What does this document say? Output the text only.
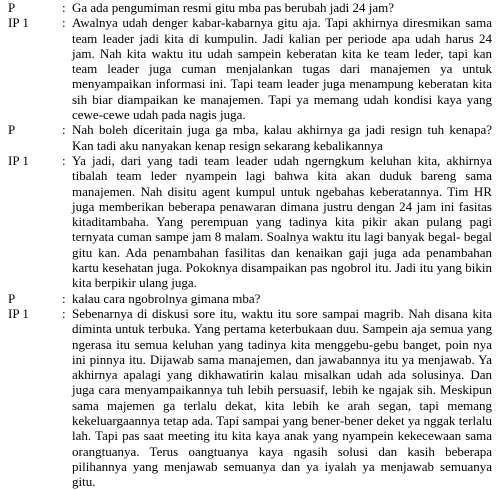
P	: Ga ada pengumiman resmi gitu mba pas berubah jadi 24 jam?
IP 1	: Awalnya udah denger kabar-kabarnya gitu aja. Tapi akhirnya diresmikan sama team leader jadi kita di kumpulin. Jadi kalian per periode apa udah harus 24 jam. Nah kita waktu itu udah sampein keberatan kita ke team leder, tapi kan team leader juga cuman menjalankan tugas dari manajemen ya untuk menyampaikan informasi ini. Tapi team leader juga menampung keberatan kita sih biar diampaikan ke manajemen. Tapi ya memang udah kondisi kaya yang cewe-cewe udah pada nagis juga.
P	: Nah boleh diceritain juga ga mba, kalau akhirnya ga jadi resign tuh kenapa? Kan tadi aku nanyakan kenap resign sekarang kebalikannya
IP 1	: Ya jadi, dari yang tadi team leader udah ngerngkum keluhan kita, akhirnya tibalah team leder nyampein lagi bahwa kita akan duduk bareng sama manajemen. Nah disitu agent kumpul untuk ngebahas keberatannya. Tim HR juga memberikan beberapa penawaran dimana justru dengan 24 jam ini fasitas kitaditambaha. Yang perempuan yang tadinya kita pikir akan pulang pagi ternyata cuman sampe jam 8 malam. Soalnya waktu itu lagi banyak begal- begal gitu kan. Ada penambahan fasilitas dan kenaikan gaji juga ada penambahan kartu kesehatan juga. Pokoknya disampaikan pas ngobrol itu. Jadi itu yang bikin kita berpikir ulang juga.
P	: kalau cara ngobrolnya gimana mba?
IP 1	: Sebenarnya di diskusi sore itu, waktu itu sore sampai magrib. Nah disana kita diminta untuk terbuka. Yang pertama keterbukaan duu. Sampein aja semua yang ngerasa itu semua keluhan yang tadinya kita menggebu-gebu banget, poin nya ini pinnya itu. Dijawab sama manajemen, dan jawabannya itu ya menjawab. Ya akhirnya apalagi yang dikhawatirin kalau misalkan udah ada solusinya. Dan juga cara menyampaikannya tuh lebih persuasif, lebih ke ngajak sih. Meskipun sama majemen ga terlalu dekat, kita lebih ke arah segan, tapi memang kekeluargaannya tetap ada. Tapi sampai yang bener-bener deket ya nggak terlalu lah. Tapi pas saat meeting itu kita kaya anak yang nyampein kekecewaan sama orangtuanya. Terus oangtuanya kaya ngasih solusi dan kasih beberapa pilihannya yang menjawab semuanya dan ya iyalah ya menjawab semuanya gitu.
